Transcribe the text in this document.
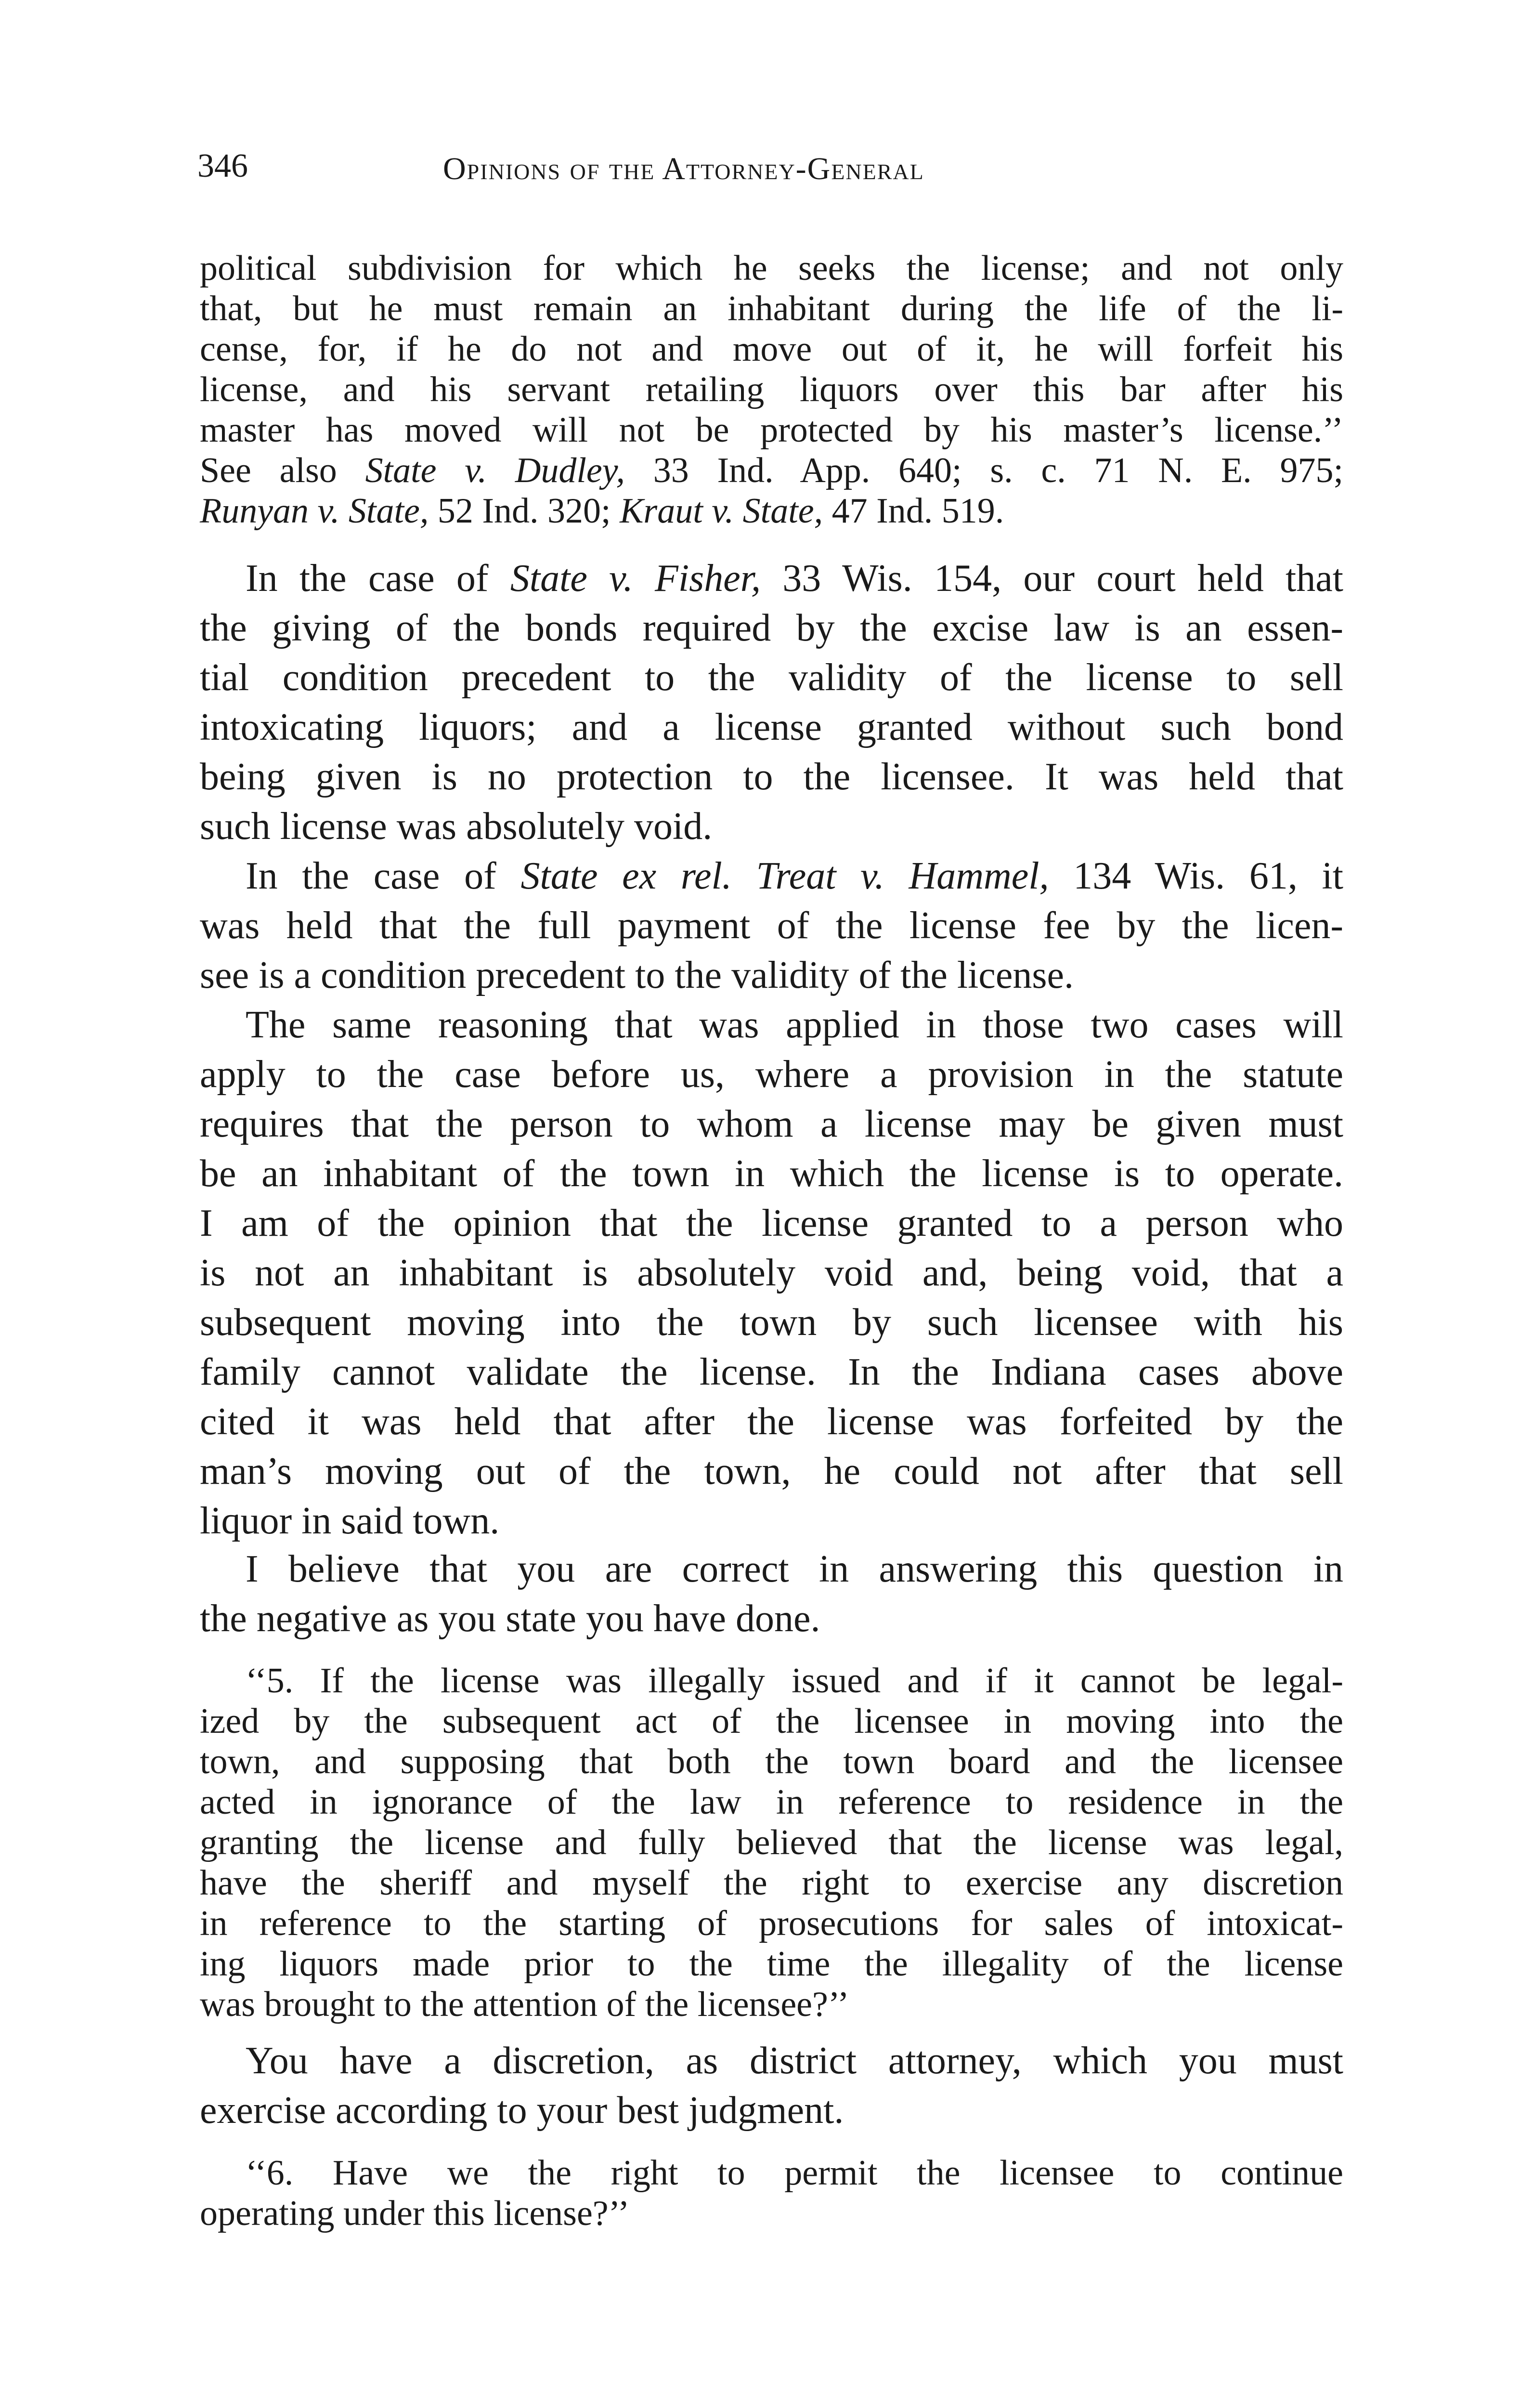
346	Opinions of the Attorney-General
political subdivision for which he seeks the license; and not only
that, but he must remain an inhabitant during the life of the li-
cense, for, if he do not and move out of it, he will forfeit his
license, and his servant retailing liquors over this bar after his
master has moved will not be protected by his master’s license.’’
See also State v. Dudley, 33 Ind. App. 640; s. c. 71 N. E. 975;
Runyan v. State, 52 Ind. 320; Kraut v. State, 47 Ind. 519.
In the case of State v. Fisher, 33 Wis. 154, our court held that
the giving of the bonds required by the excise law is an essen-
tial condition precedent to the validity of the license to sell
intoxicating liquors; and a license granted without such bond
being given is no protection to the licensee. It was held that
such license was absolutely void.
In the case of State ex rel. Treat v. Hammel, 134 Wis. 61, it
was held that the full payment of the license fee by the licen-
see is a condition precedent to the validity of the license.
The same reasoning that was applied in those two cases will
apply to the case before us, where a provision in the statute
requires that the person to whom a license may be given must
be an inhabitant of the town in which the license is to operate.
I am of the opinion that the license granted to a person who
is not an inhabitant is absolutely void and, being void, that a
subsequent moving into the town by such licensee with his
family cannot validate the license. In the Indiana cases above
cited it was held that after the license was forfeited by the
man’s moving out of the town, he could not after that sell
liquor in said town.
I believe that you are correct in answering this question in
the negative as you state you have done.
‘‘5. If the license was illegally issued and if it cannot be legal-
ized by the subsequent act of the licensee in moving into the
town, and supposing that both the town board and the licensee
acted in ignorance of the law in reference to residence in the
granting the license and fully believed that the license was legal,
have the sheriff and myself the right to exercise any discretion
in reference to the starting of prosecutions for sales of intoxicat-
ing liquors made prior to the time the illegality of the license
was brought to the attention of the licensee?’’
You have a discretion, as district attorney, which you must
exercise according to your best judgment.
‘‘6. Have we the right to permit the licensee to continue
operating under this license?’’
